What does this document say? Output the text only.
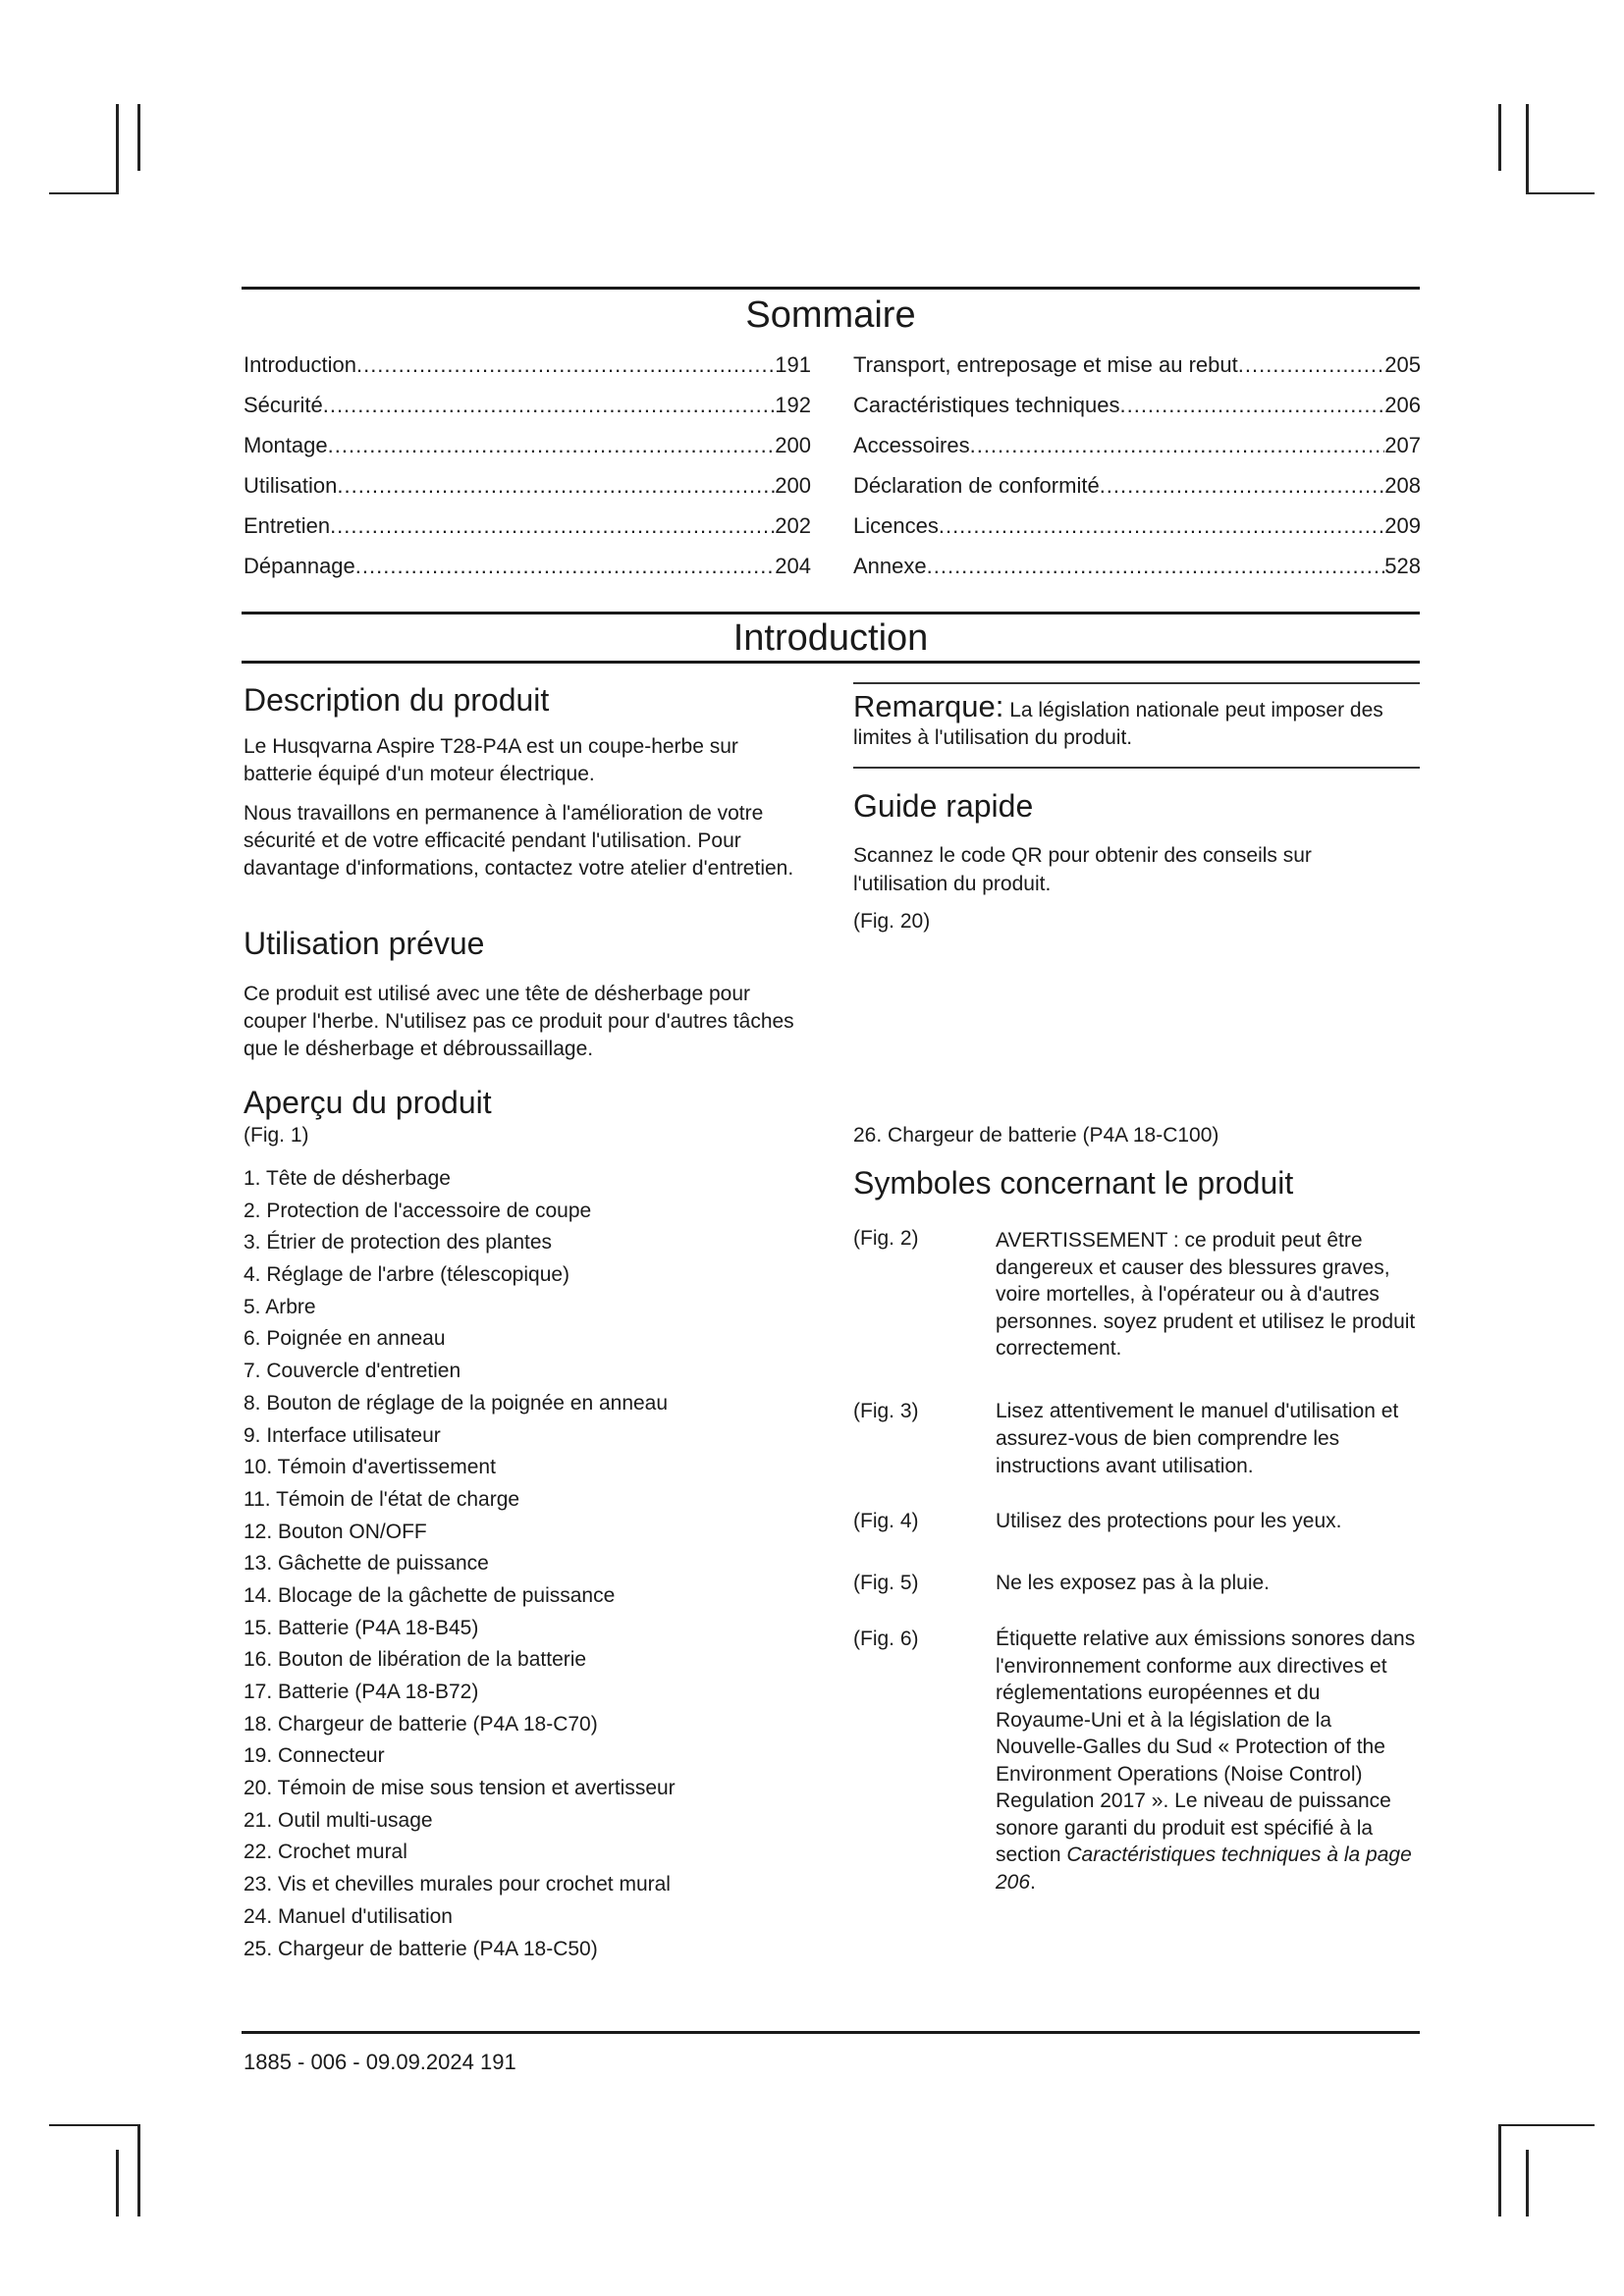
Sommaire
Introduction .....	191
Sécurité .....	192
Montage .....	200
Utilisation .....	200
Entretien .....	202
Dépannage .....	204
Transport, entreposage et mise au rebut .....	205
Caractéristiques techniques .....	206
Accessoires .....	207
Déclaration de conformité .....	208
Licences .....	209
Annexe .....	528
Introduction
Description du produit
Le Husqvarna Aspire T28-P4A est un coupe-herbe sur batterie équipé d'un moteur électrique.
Nous travaillons en permanence à l'amélioration de votre sécurité et de votre efficacité pendant l'utilisation. Pour davantage d'informations, contactez votre atelier d'entretien.
Utilisation prévue
Ce produit est utilisé avec une tête de désherbage pour couper l'herbe. N'utilisez pas ce produit pour d'autres tâches que le désherbage et débroussaillage.
Aperçu du produit
(Fig. 1)
1. Tête de désherbage
2. Protection de l'accessoire de coupe
3. Étrier de protection des plantes
4. Réglage de l'arbre (télescopique)
5. Arbre
6. Poignée en anneau
7. Couvercle d'entretien
8. Bouton de réglage de la poignée en anneau
9. Interface utilisateur
10. Témoin d'avertissement
11. Témoin de l'état de charge
12. Bouton ON/OFF
13. Gâchette de puissance
14. Blocage de la gâchette de puissance
15. Batterie (P4A 18-B45)
16. Bouton de libération de la batterie
17. Batterie (P4A 18-B72)
18. Chargeur de batterie (P4A 18-C70)
19. Connecteur
20. Témoin de mise sous tension et avertisseur
21. Outil multi-usage
22. Crochet mural
23. Vis et chevilles murales pour crochet mural
24. Manuel d'utilisation
25. Chargeur de batterie (P4A 18-C50)
Remarque: La législation nationale peut imposer des limites à l'utilisation du produit.
Guide rapide
Scannez le code QR pour obtenir des conseils sur l'utilisation du produit.
(Fig. 20)
26. Chargeur de batterie (P4A 18-C100)
Symboles concernant le produit
(Fig. 2)	AVERTISSEMENT : ce produit peut être dangereux et causer des blessures graves, voire mortelles, à l'opérateur ou à d'autres personnes. soyez prudent et utilisez le produit correctement.
(Fig. 3)	Lisez attentivement le manuel d'utilisation et assurez-vous de bien comprendre les instructions avant utilisation.
(Fig. 4)	Utilisez des protections pour les yeux.
(Fig. 5)	Ne les exposez pas à la pluie.
(Fig. 6)	Étiquette relative aux émissions sonores dans l'environnement conforme aux directives et réglementations européennes et du Royaume-Uni et à la législation de la Nouvelle-Galles du Sud « Protection of the Environment Operations (Noise Control) Regulation 2017 ». Le niveau de puissance sonore garanti du produit est spécifié à la section Caractéristiques techniques à la page 206.
1885 - 006 - 09.09.2024 191
